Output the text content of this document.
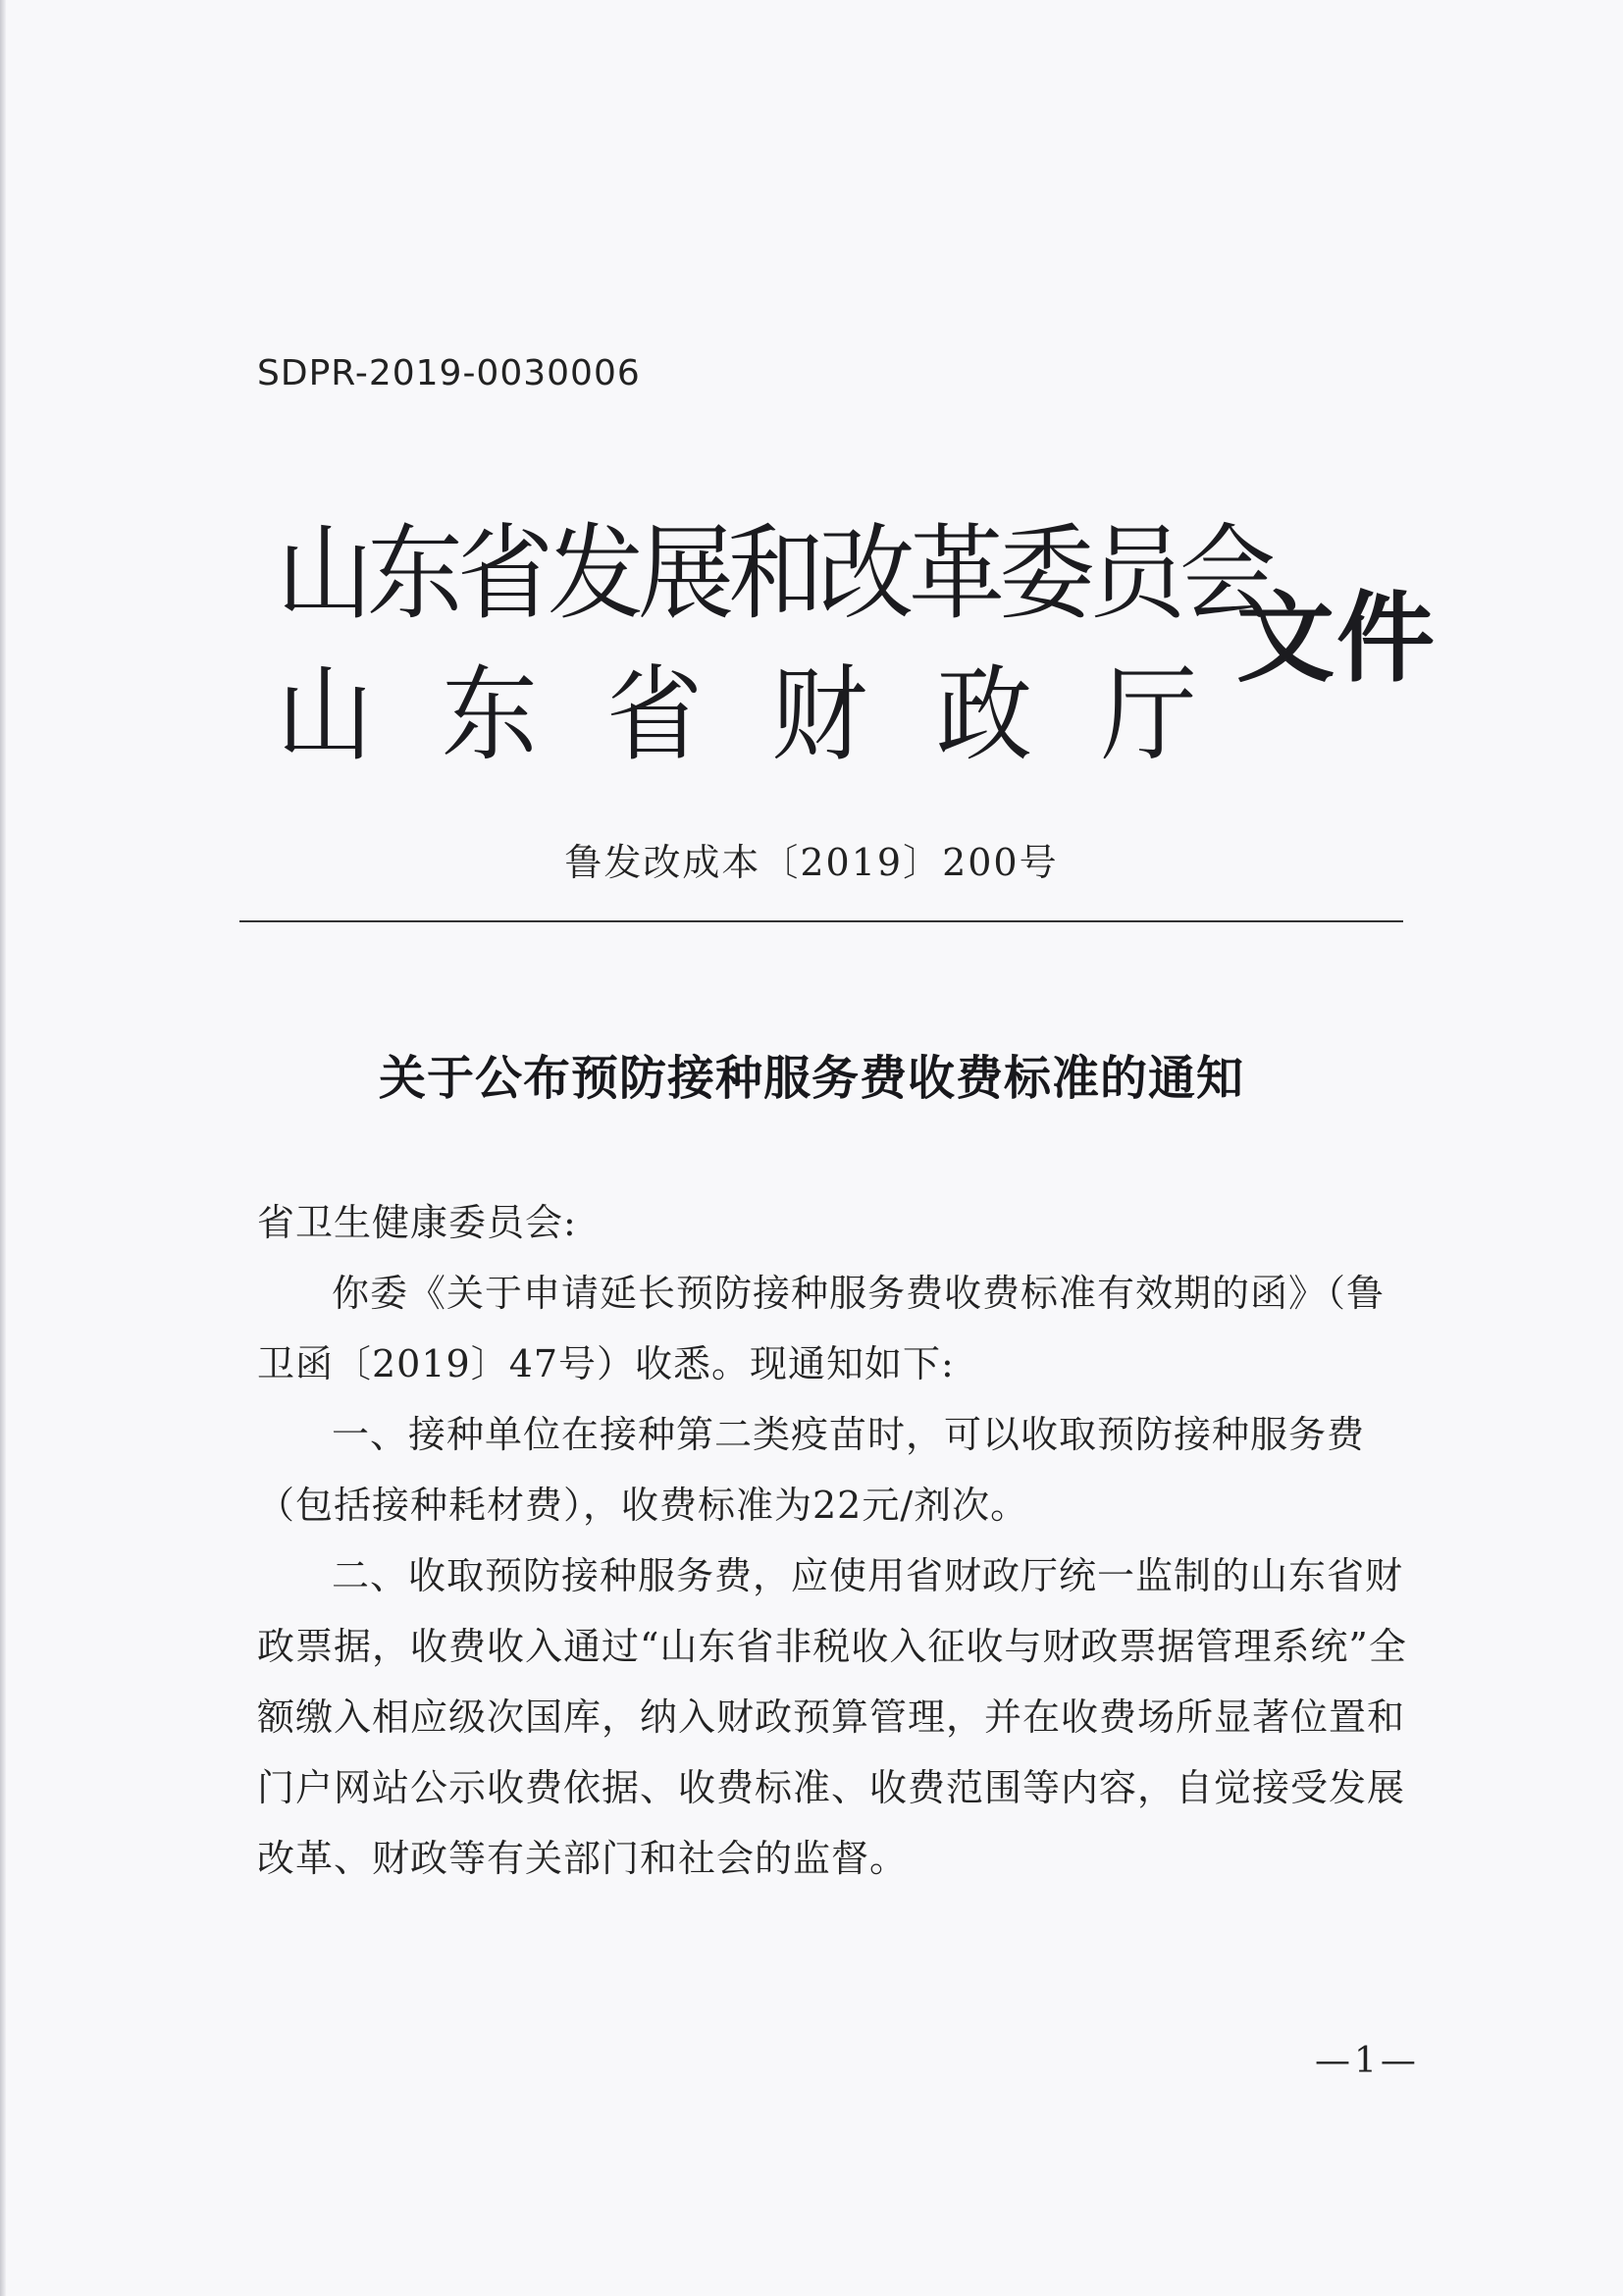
SDPR-2019-0030006
山东省发展和改革委员会
山东省财政厅
文件
鲁发改成本〔2019〕200号
关于公布预防接种服务费收费标准的通知

省卫生健康委员会:

你委《关于申请延长预防接种服务费收费标准有效期的函》（鲁卫函〔2019〕47号）收悉。现通知如下:

一、接种单位在接种第二类疫苗时，可以收取预防接种服务费（包括接种耗材费），收费标准为22元/剂次。

二、收取预防接种服务费，应使用省财政厅统一监制的山东省财政票据，收费收入通过“山东省非税收入征收与财政票据管理系统”全额缴入相应级次国库，纳入财政预算管理，并在收费场所显著位置和门户网站公示收费依据、收费标准、收费范围等内容，自觉接受发展改革、财政等有关部门和社会的监督。

—1—
